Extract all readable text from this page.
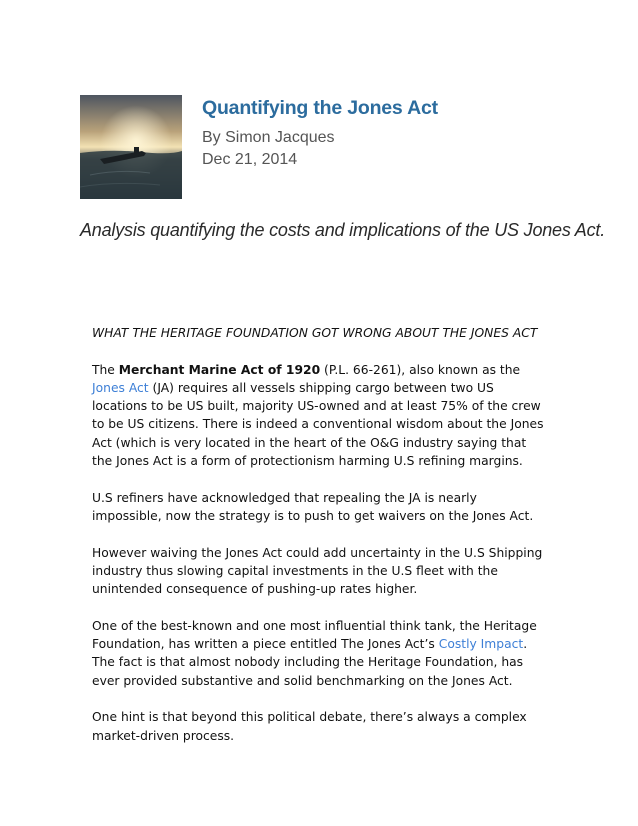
Quantifying the Jones Act
By Simon Jacques
Dec 21, 2014
Analysis quantifying the costs and implications of the US Jones Act.

WHAT THE HERITAGE FOUNDATION GOT WRONG ABOUT THE JONES ACT

The Merchant Marine Act of 1920 (P.L. 66-261), also known as the Jones Act (JA) requires all vessels shipping cargo between two US locations to be US built, majority US-owned and at least 75% of the crew to be US citizens. There is indeed a conventional wisdom about the Jones Act (which is very located in the heart of the O&G industry saying that the Jones Act is a form of protectionism harming U.S refining margins.

U.S refiners have acknowledged that repealing the JA is nearly impossible, now the strategy is to push to get waivers on the Jones Act.

However waiving the Jones Act could add uncertainty in the U.S Shipping industry thus slowing capital investments in the U.S fleet with the unintended consequence of pushing-up rates higher.

One of the best-known and one most influential think tank, the Heritage Foundation, has written a piece entitled The Jones Act’s Costly Impact. The fact is that almost nobody including the Heritage Foundation, has ever provided substantive and solid benchmarking on the Jones Act.

One hint is that beyond this political debate, there’s always a complex market-driven process.
